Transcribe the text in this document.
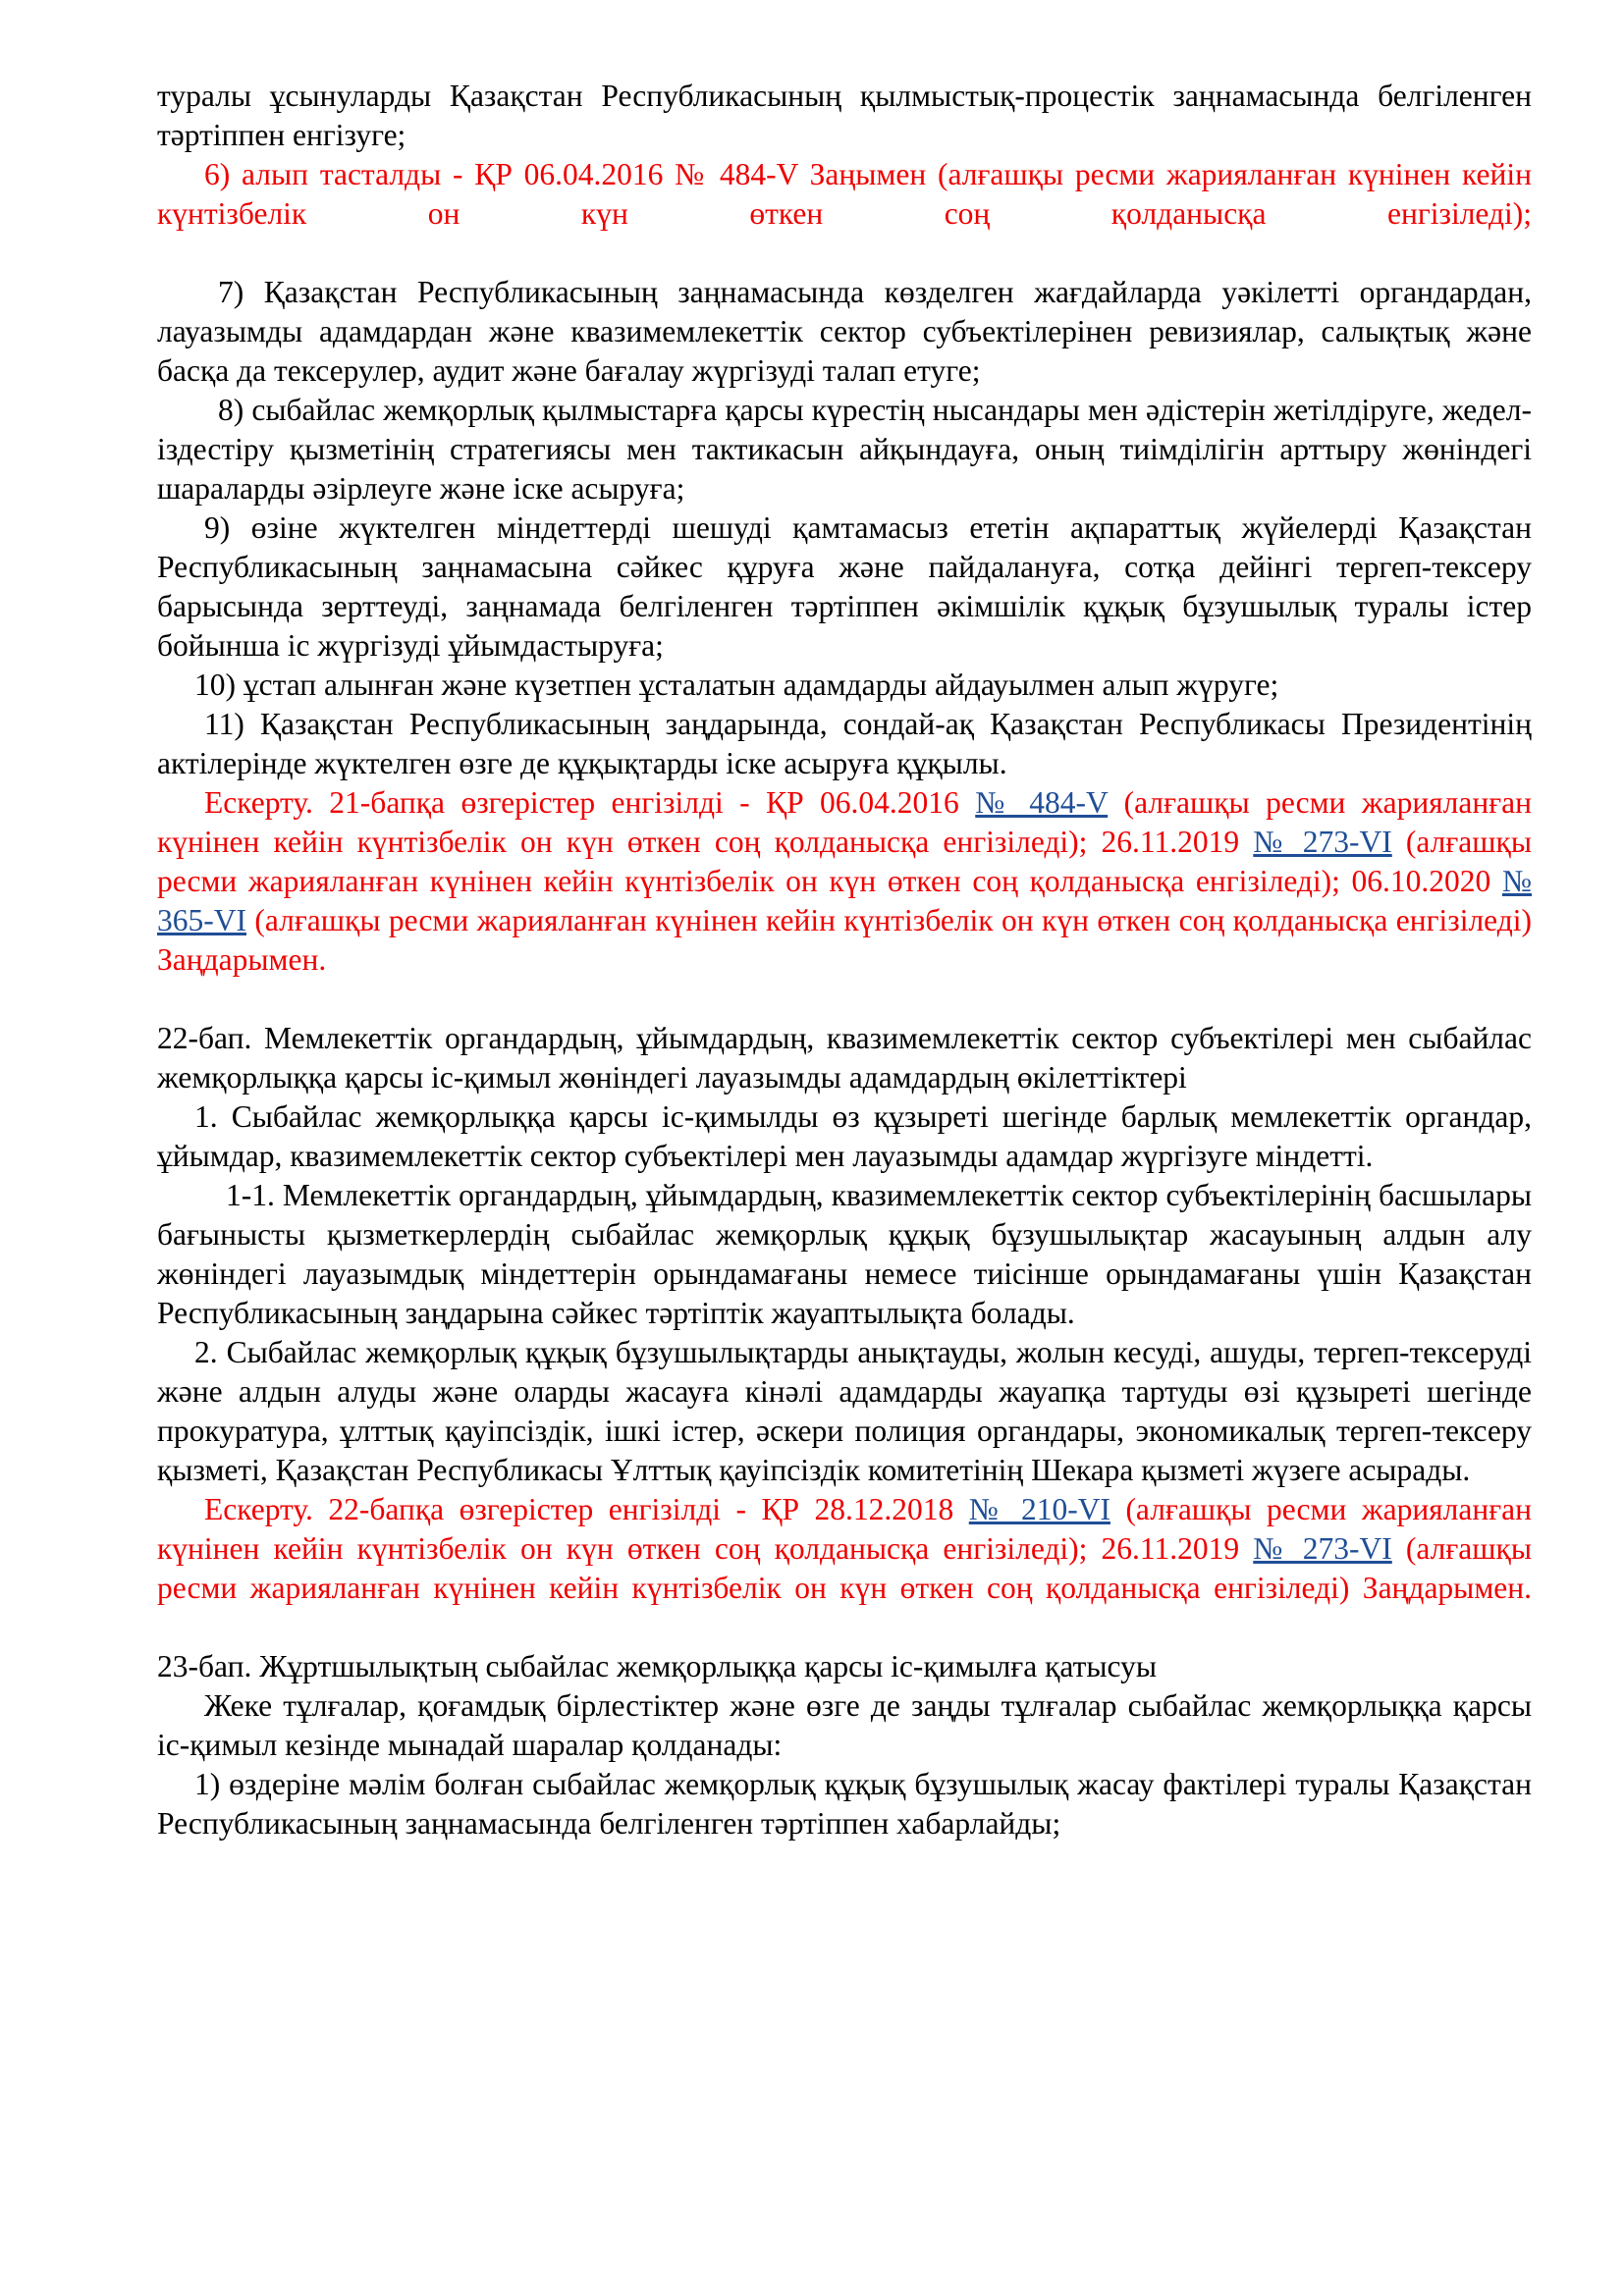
туралы ұсынуларды Қазақстан Республикасының қылмыстық-процестік заңнамасында белгіленген тәртіппен енгізуге;

6) алып тасталды - ҚР 06.04.2016 № 484-V Заңымен (алғашқы ресми жарияланған күнінен кейін күнтізбелік он күн өткен соң қолданысқа енгізіледі);

7) Қазақстан Республикасының заңнамасында көзделген жағдайларда уәкiлеттi органдардан, лауазымды адамдардан және квазимемлекеттік сектор субъектілерінен ревизиялар, салықтық және басқа да тексерулер, аудит және бағалау жүргізуді талап етуге;

8) сыбайлас жемқорлық қылмыстарға қарсы күрестің нысандары мен әдістерін жетілдіруге, жедел-іздестіру қызметінің стратегиясы мен тактикасын айқындауға, оның тиімділігін арттыру жөніндегі шараларды әзірлеуге және іске асыруға;

9) өзіне жүктелген міндеттерді шешуді қамтамасыз ететін ақпараттық жүйелерді Қазақстан Республикасының заңнамасына сәйкес құруға және пайдалануға, сотқа дейінгі тергеп-тексеру барысында зерттеуді, заңнамада белгіленген тәртіппен әкімшілік құқық бұзушылық туралы істер бойынша іс жүргізуді ұйымдастыруға;

10) ұстап алынған және күзетпен ұсталатын адамдарды айдауылмен алып жүруге;

11) Қазақстан Республикасының заңдарында, сондай-ақ Қазақстан Республикасы Президентінің актілерінде жүктелген өзге де құқықтарды іске асыруға құқылы.

Ескерту. 21-бапқа өзгерістер енгізілді - ҚР 06.04.2016 № 484-V (алғашқы ресми жарияланған күнінен кейін күнтізбелік он күн өткен соң қолданысқа енгізіледі); 26.11.2019 № 273-VI (алғашқы ресми жарияланған күнінен кейін күнтізбелік он күн өткен соң қолданысқа енгізіледі); 06.10.2020 № 365-VI (алғашқы ресми жарияланған күнінен кейін күнтізбелік он күн өткен соң қолданысқа енгізіледі) Заңдарымен.

22-бап. Мемлекеттік органдардың, ұйымдардың, квазимемлекеттік сектор субъектілері мен сыбайлас жемқорлыққа қарсы іс-қимыл жөніндегі лауазымды адамдардың өкілеттіктері

1. Сыбайлас жемқорлыққа қарсы іс-қимылды өз құзыреті шегінде барлық мемлекеттік органдар, ұйымдар, квазимемлекеттік сектор субъектілері мен лауазымды адамдар жүргізуге міндетті.

1-1. Мемлекеттік органдардың, ұйымдардың, квазимемлекеттік сектор субъектілерінің басшылары бағынысты қызметкерлердің сыбайлас жемқорлық құқық бұзушылықтар жасауының алдын алу жөніндегі лауазымдық міндеттерін орындамағаны немесе тиісінше орындамағаны үшін Қазақстан Республикасының заңдарына сәйкес тәртіптік жауаптылықта болады.

2. Сыбайлас жемқорлық құқық бұзушылықтарды анықтауды, жолын кесуді, ашуды, тергеп-тексеруді және алдын алуды және оларды жасауға кінәлі адамдарды жауапқа тартуды өзі құзыреті шегінде прокуратура, ұлттық қауіпсіздік, ішкі істер, әскери полиция органдары, экономикалық тергеп-тексеру қызметі, Қазақстан Республикасы Ұлттық қауіпсіздік комитетінің Шекара қызметі жүзеге асырады.

Ескерту. 22-бапқа өзгерістер енгізілді - ҚР 28.12.2018 № 210-VI (алғашқы ресми жарияланған күнінен кейін күнтізбелік он күн өткен соң қолданысқа енгізіледі); 26.11.2019 № 273-VI (алғашқы ресми жарияланған күнінен кейін күнтізбелік он күн өткен соң қолданысқа енгізіледі) Заңдарымен.

23-бап. Жұртшылықтың сыбайлас жемқорлыққа қарсы іс-қимылға қатысуы

Жеке тұлғалар, қоғамдық бірлестіктер және өзге де заңды тұлғалар сыбайлас жемқорлыққа қарсы іс-қимыл кезінде мынадай шаралар қолданады:

1) өздеріне мәлім болған сыбайлас жемқорлық құқық бұзушылық жасау фактілері туралы Қазақстан Республикасының заңнамасында белгіленген тәртіппен хабарлайды;
